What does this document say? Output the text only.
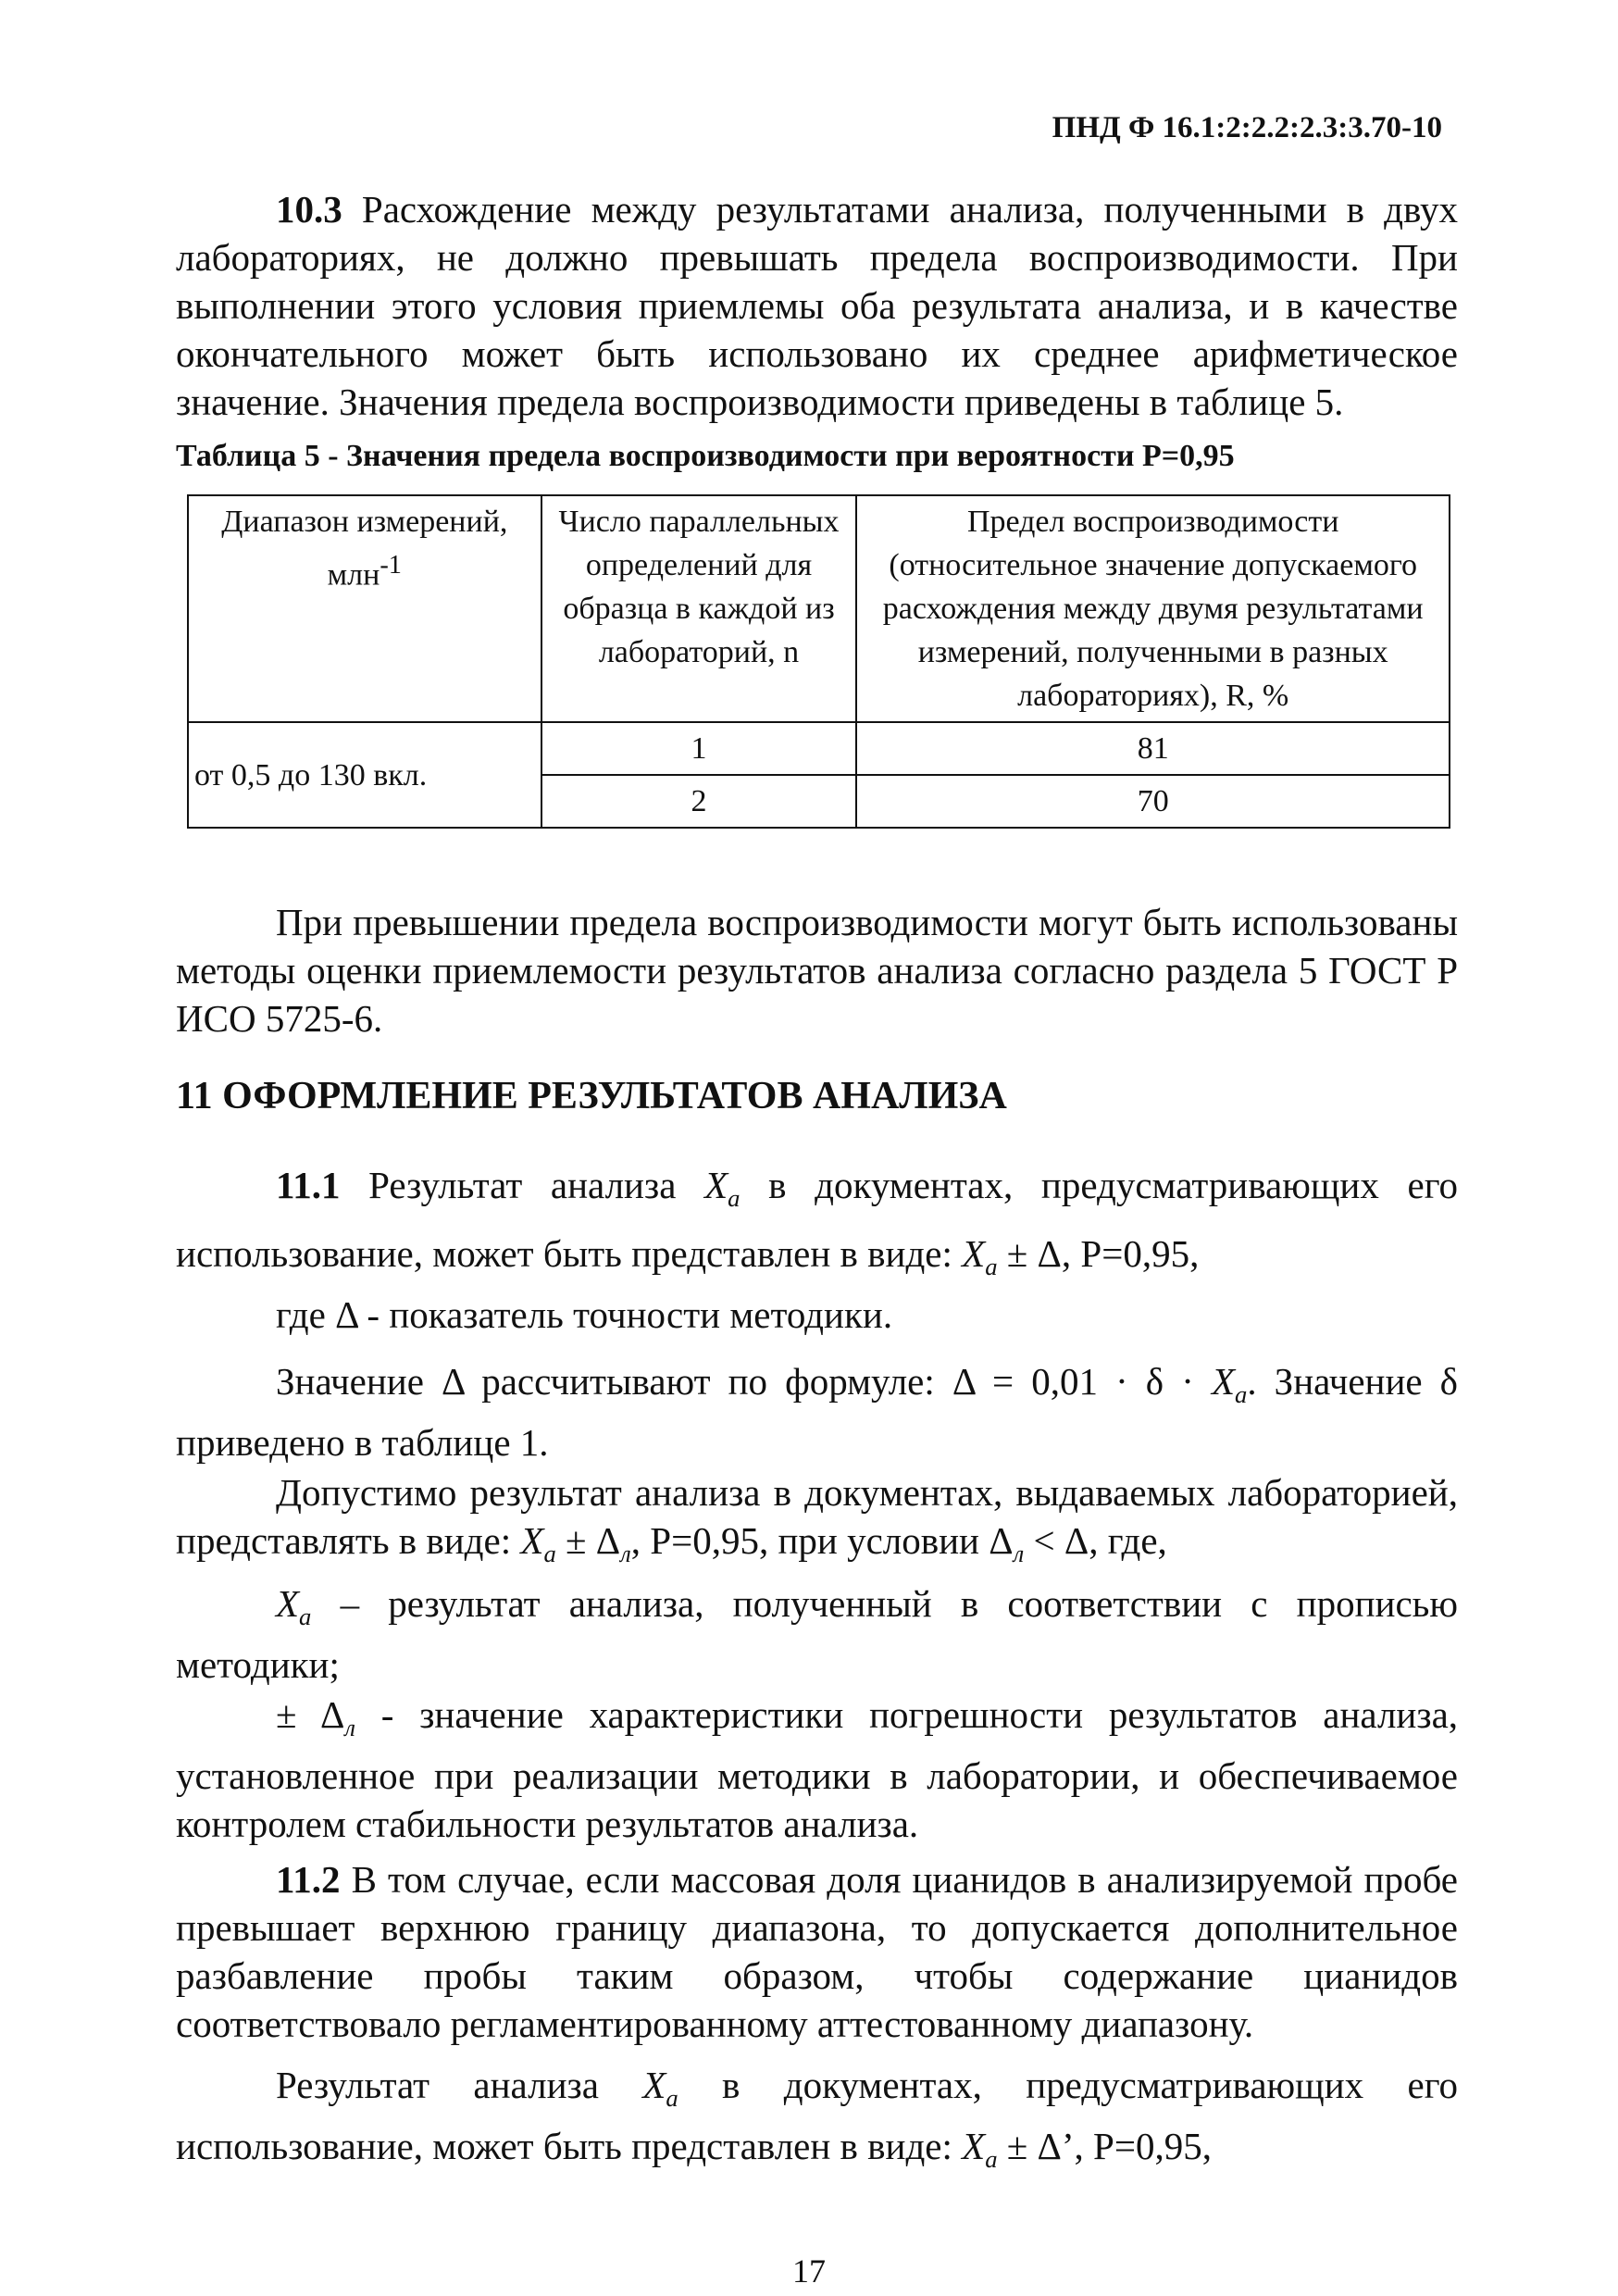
ПНД Ф 16.1:2:2.2:2.3:3.70-10

10.3 Расхождение между результатами анализа, полученными в двух лабораториях, не должно превышать предела воспроизводимости. При выполнении этого условия приемлемы оба результата анализа, и в качестве окончательного может быть использовано их среднее арифметическое значение. Значения предела воспроизводимости приведены в таблице 5.

Таблица 5 - Значения предела воспроизводимости при вероятности P=0,95
Диапазон измерений,
млн$^{-1}$	Число параллельных определений для образца в каждой из лабораторий, n	Предел воспроизводимости (относительное значение допускаемого расхождения между двумя результатами измерений, полученными в разных лабораториях), R, %
от 0,5 до 130 вкл.	1	81
	2	70

При превышении предела воспроизводимости могут быть использованы методы оценки приемлемости результатов анализа согласно раздела 5 ГОСТ Р ИСО 5725-6.

11 ОФОРМЛЕНИЕ РЕЗУЛЬТАТОВ АНАЛИЗА

11.1 Результат анализа $X_а$ в документах, предусматривающих его использование, может быть представлен в виде: $X_а \pm \Delta$, P=0,95,

где Δ - показатель точности методики.

Значение Δ рассчитывают по формуле: $\Delta = 0,01 \cdot \delta \cdot X_а$. Значение δ приведено в таблице 1.

Допустимо результат анализа в документах, выдаваемых лабораторией, представлять в виде: $X_а \pm \Delta_л$, P=0,95, при условии $\Delta_л < \Delta$, где,

$X_а$ – результат анализа, полученный в соответствии с прописью методики;

± $\Delta_л$ - значение характеристики погрешности результатов анализа, установленное при реализации методики в лаборатории, и обеспечиваемое контролем стабильности результатов анализа.

11.2 В том случае, если массовая доля цианидов в анализируемой пробе превышает верхнюю границу диапазона, то допускается дополнительное разбавление пробы таким образом, чтобы содержание цианидов соответствовало регламентированному аттестованному диапазону.

Результат анализа $X_а$ в документах, предусматривающих его использование, может быть представлен в виде: $X_а \pm \Delta$’, P=0,95,

17
